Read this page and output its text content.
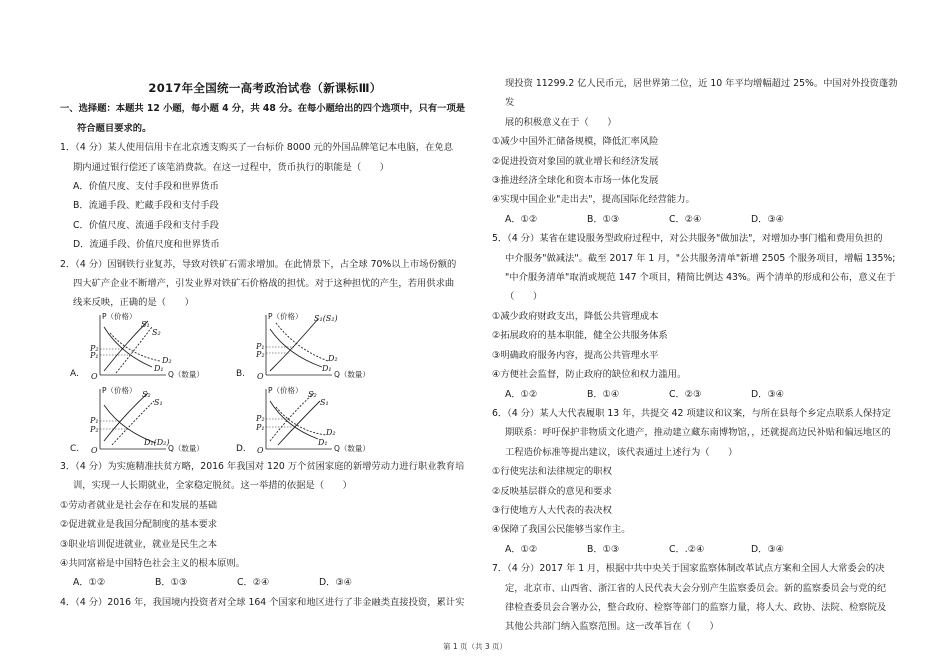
2017年全国统一高考政治试卷（新课标Ⅲ）
一、选择题：本题共 12 小题，每小题 4 分，共 48 分。在每小题给出的四个选项中，只有一项是
符合题目要求的。
1．（4 分）某人使用信用卡在北京透支购买了一台标价 8000 元的外国品牌笔记本电脑，在免息
期内通过银行偿还了该笔消费款。在这一过程中，货币执行的职能是（　　）
A．价值尺度、支付手段和世界货币
B．流通手段、贮藏手段和支付手段
C．价值尺度、流通手段和支付手段
D．流通手段、价值尺度和世界货币
2．（4 分）因钢铁行业复苏，导致对铁矿石需求增加。在此情景下，占全球 70%以上市场份额的
四大矿产企业不断增产，引发业界对铁矿石价格战的担忧。对于这种担忧的产生，若用供求曲
线来反映，正确的是（　　）
A.
P（价格）
Q（数量）
O
S₁
S₂
D₂
D₁
P₂
P₁
B.
P（价格）
Q（数量）
O
S₁(S₂)
D₂
D₁
P₁
P₂
C.
P（价格）
Q（数量）
O
S₂
S₁
D₁(D₂)
P₁
P₂
D.
P（价格）
Q（数量）
O
S₂
S₁
D₂
D₁
P₂
P₁
3．（4 分）为实施精准扶贫方略，2016 年我国对 120 万个贫困家庭的新增劳动力进行职业教育培
训，实现一人长期就业，全家稳定脱贫。这一举措的依据是（　　）
①劳动者就业是社会存在和发展的基础
②促进就业是我国分配制度的基本要求
③职业培训促进就业，就业是民生之本
④共同富裕是中国特色社会主义的根本原则。
A．①②	B．①③	C．②④	D．③④
4．（4 分）2016 年，我国境内投资者对全球 164 个国家和地区进行了非金融类直接投资，累计实
现投资 11299.2 亿人民币元，居世界第二位，近 10 年平均增幅超过 25%。中国对外投资蓬勃发
展的积极意义在于（　　）
①减少中国外汇储备规模，降低汇率风险
②促进投资对象国的就业增长和经济发展
③推进经济全球化和资本市场一体化发展
④实现中国企业"走出去"，提高国际化经营能力。
A．①②	B．①③	C．②④	D．③④
5．（4 分）某省在建设服务型政府过程中，对公共服务"做加法"，对增加办事门槛和费用负担的
中介服务"做减法"。截至 2017 年 1 月，"公共服务清单"新增 2505 个服务项目，增幅 135%;
"中介服务清单"取消或规范 147 个项目，精简比例达 43%。两个清单的形成和公布，意义在于
（　　）
①减少政府财政支出，降低公共管理成本
②拓展政府的基本职能，健全公共服务体系
③明确政府服务内容，提高公共管理水平
④方便社会监督，防止政府的缺位和权力滥用。
A．①②	B．①④	C．②③	D．③④
6．（4 分）某人大代表履职 13 年，共提交 42 项建议和议案，与所在县每个乡定点联系人保持定
期联系：呼吁保护非物质文化遗产，推动建立藏东南博物馆，，还就提高边民补贴和偏远地区的
工程造价标准等提出建议，该代表通过上述行为（　　）
①行使宪法和法律规定的职权
②反映基层群众的意见和要求
③行使地方人大代表的表决权
④保障了我国公民能够当家作主。
A．①②	B．①③	C．.②④	D．③④
7．（4 分）2017 年 1 月，根据中共中央关于国家监察体制改革试点方案和全国人大常委会的决
定，北京市、山西省、浙江省的人民代表大会分别产生监察委员会。新的监察委员会与党的纪
律检查委员会合署办公，整合政府、检察等部门的监察力量，将人大、政协、法院、检察院及
其他公共部门纳入监察范围。这一改革旨在（　　）
第 1 页（共 3 页）
